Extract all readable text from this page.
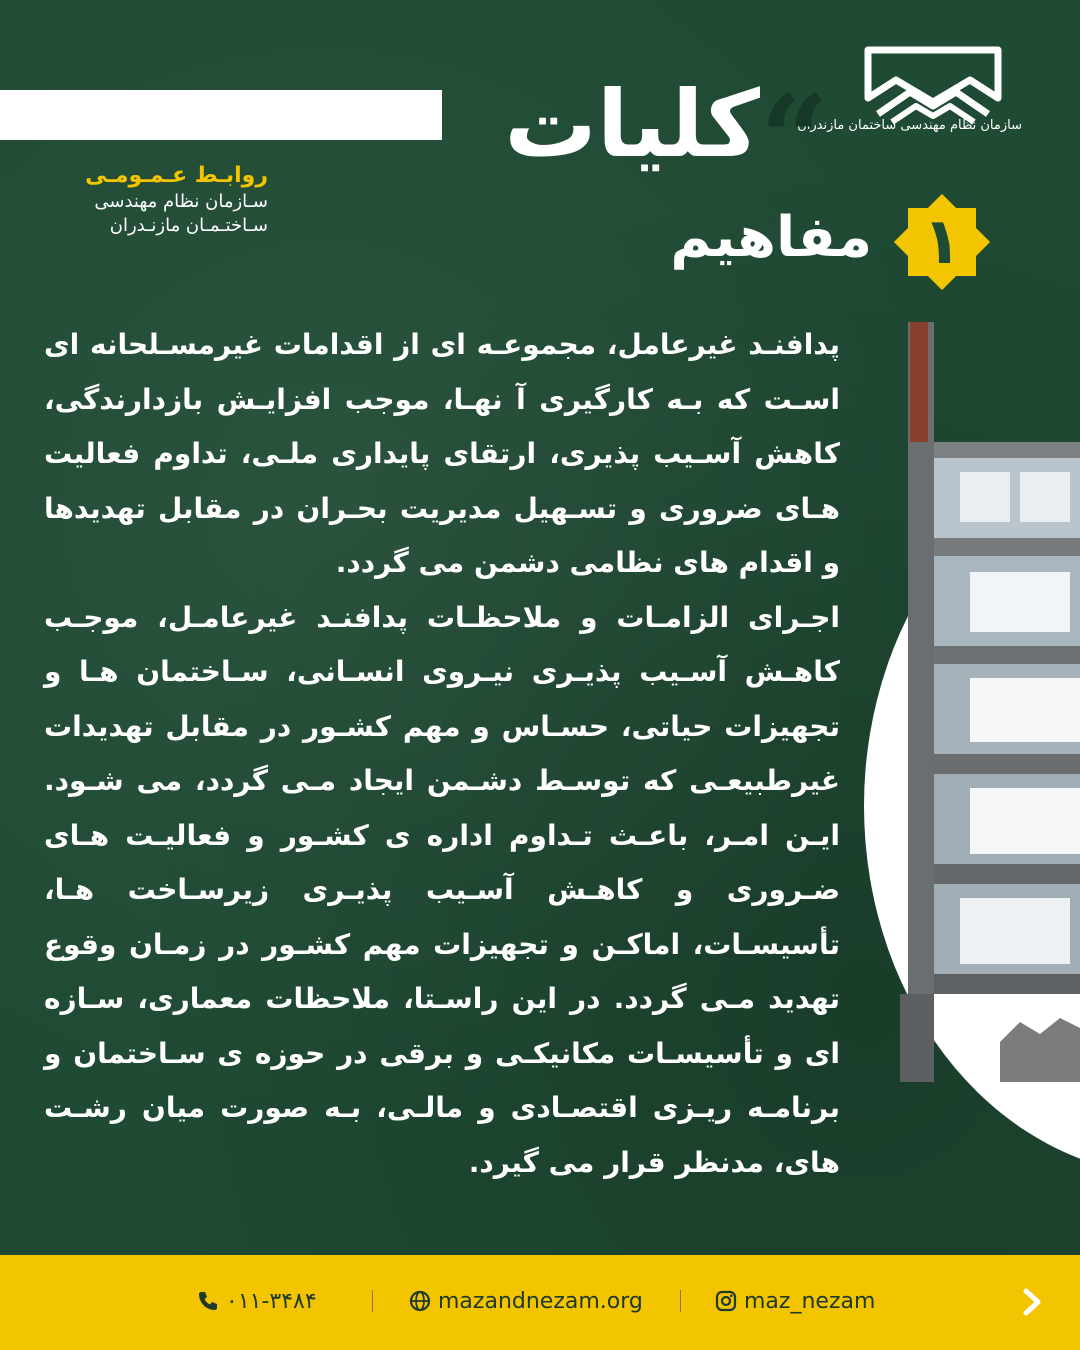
سازمان نظام مهندسی ساختمان مازندران
“
کلیات
۱
مفاهیم
روابـط عـمـومـی
سـازمان نظام مهندسی
سـاختـمـان مازنـدران

پدافنـد غیرعامل، مجموعـه ای از اقدامات غیرمسـلحانه ای اسـت که بـه کارگیری آ نهـا، موجب افزایـش بازدارندگی، کاهش آسـیب پذیری، ارتقای پایداری ملـی، تداوم فعالیت هـای ضروری و تسـهیل مدیریت بحـران در مقابل تهدیدها و اقدام های نظامی دشمن می گردد.

اجـرای الزامـات و ملاحظـات پدافنـد غیرعامـل، موجـب کاهـش آسـیب پذیـری نیـروی انسـانی، سـاختمان هـا و تجهیزات حیاتی، حسـاس و مهم کشـور در مقابل تهدیدات غیرطبیعـی که توسـط دشـمن ایجاد مـی گردد، می شـود. ایـن امـر، باعـث تـداوم اداره ی کشـور و فعالیـت هـای ضـروری و کاهـش آسـیب پذیـری زیرسـاخت هـا، تأسیسـات، اماکـن و تجهیزات مهم کشـور در زمـان وقوع تهدید مـی گردد. در این راسـتا، ملاحظات معماری، سـازه ای و تأسیسـات مکانیکـی و برقی در حوزه ی سـاختمان و برنامـه ریـزی اقتصـادی و مالـی، بـه صورت میان رشـت های، مدنظر قرار می گیرد.

۰۱۱-۳۴۸۴	mazandnezam.org	maz_nezam
